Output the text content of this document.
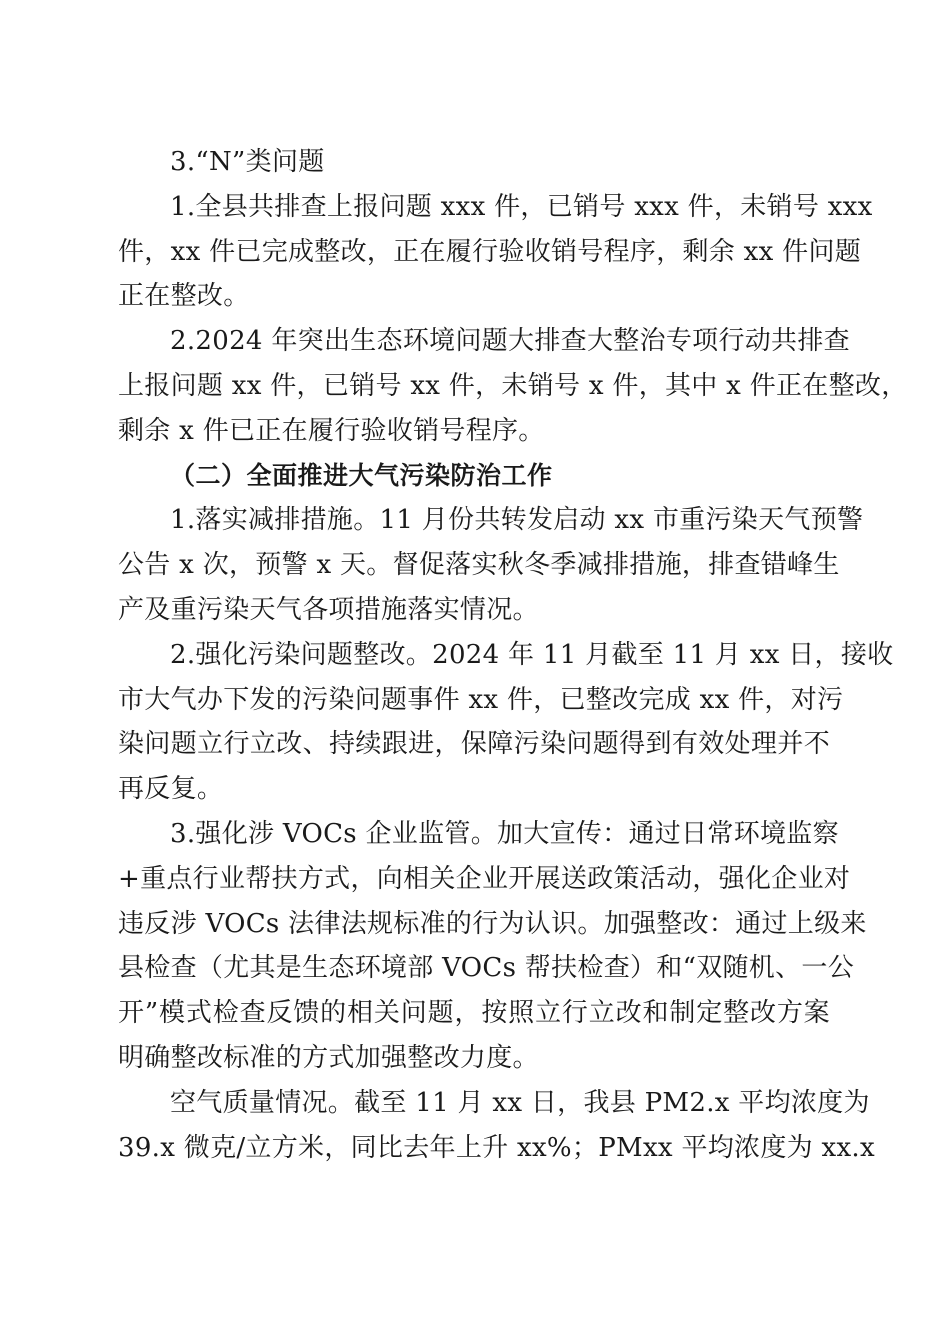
3.“N”类问题
1.全县共排查上报问题 xxx 件，已销号 xxx 件，未销号 xxx
件，xx 件已完成整改，正在履行验收销号程序，剩余 xx 件问题
正在整改。
2.2024 年突出生态环境问题大排查大整治专项行动共排查
上报问题 xx 件，已销号 xx 件，未销号 x 件，其中 x 件正在整改，
剩余 x 件已正在履行验收销号程序。
（二）全面推进大气污染防治工作
1.落实减排措施。11 月份共转发启动 xx 市重污染天气预警
公告 x 次，预警 x 天。督促落实秋冬季减排措施，排查错峰生
产及重污染天气各项措施落实情况。
2.强化污染问题整改。2024 年 11 月截至 11 月 xx 日，接收
市大气办下发的污染问题事件 xx 件，已整改完成 xx 件，对污
染问题立行立改、持续跟进，保障污染问题得到有效处理并不
再反复。
3.强化涉 VOCs 企业监管。加大宣传：通过日常环境监察
+重点行业帮扶方式，向相关企业开展送政策活动，强化企业对
违反涉 VOCs 法律法规标准的行为认识。加强整改：通过上级来
县检查（尤其是生态环境部 VOCs 帮扶检查）和“双随机、一公
开”模式检查反馈的相关问题，按照立行立改和制定整改方案
明确整改标准的方式加强整改力度。
空气质量情况。截至 11 月 xx 日，我县 PM2.x 平均浓度为
39.x 微克/立方米，同比去年上升 xx%；PMxx 平均浓度为 xx.x
